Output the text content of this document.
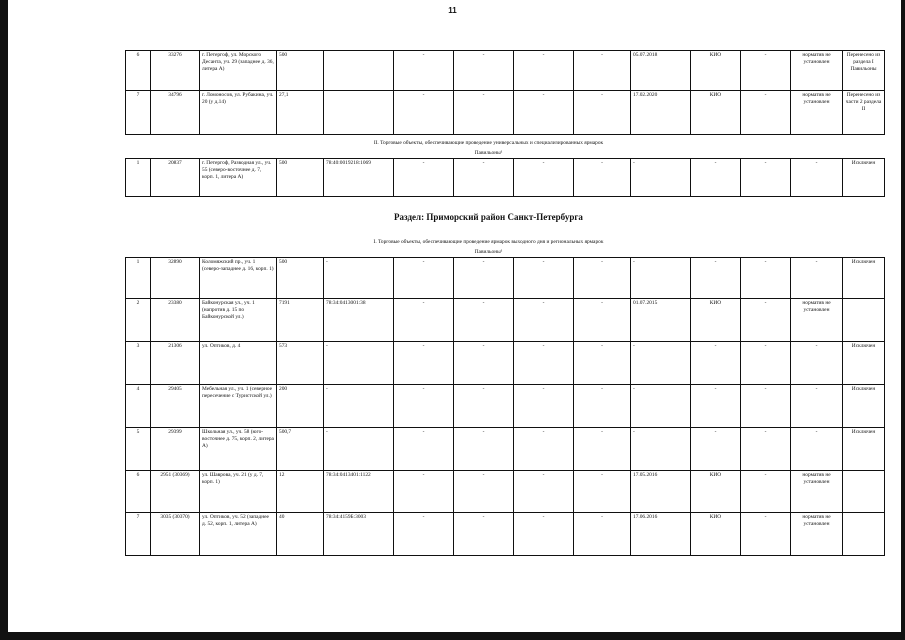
11
6	33276	г. Петергоф, ул. Морского Десанта, уч. 29 (западнее д. 36, литера А)	500		-	-	-	-	05.07.2018	КИО	-	норматив не установлен	Перенесено из раздела I Павильоны
7	34796	г. Ломоносов, ул. Рубакина, уч. 20 (у д.14)	27,1		-	-	-	-	17.02.2020	КИО	-	норматив не установлен	Перенесено из части 2 раздела II
II. Торговые объекты, обеспечивающие проведение универсальных и специализированных ярмарок
Павильоны¹
1	20837	г. Петергоф, Разводная ул., уч. 55 (северо-восточнее д. 7, корп. 1, литера А)	500	78:40:0019218:1069	-	-	-	-	-	-	-	-	Исключен
Раздел: Приморский район Санкт-Петербурга
I. Торговые объекты, обеспечивающие проведение ярмарок выходного дня и региональных ярмарок
Павильоны¹
1	32890	Коломяжский пр., уч. 1 (северо-западнее д. 16, корп. 1)	500	-	-	-	-	-	-	-	-	-	Исключен
2	23380	Байконурская ул., уч. 1 (напротив д. 15 по Байконурской ул.)	7191	78:34:0413001:38	-	-	-	-	01.07.2015	КИО	-	норматив не установлен	
3	21306	ул. Оптиков, д. 4	573	-	-	-	-	-	-	-	-	-	Исключен
4	29405	Мебельная ул., уч. 1 (северное пересечение с Туристской ул.)	200	-	-	-	-	-	-	-	-	-	Исключен
5	29399	Школьная ул., уч. 58 (юго-восточнее д. 75, корп. 2, литера А)	500,7	-	-	-	-	-	-	-	-	-	Исключен
6	2951 (30369)	ул. Шаврова, уч. 21 (у д. 7, корп. 1)	12	78:34:0413401:1122	-	-	-	-	17.05.2016	КИО	-	норматив не установлен	
7	3035 (30370)	ул. Оптиков, уч. 52 (западнее д. 52, корп. 1, литера А)	40	78:34:4159Б:3003	-	-	-	-	17.06.2016	КИО	-	норматив не установлен	
